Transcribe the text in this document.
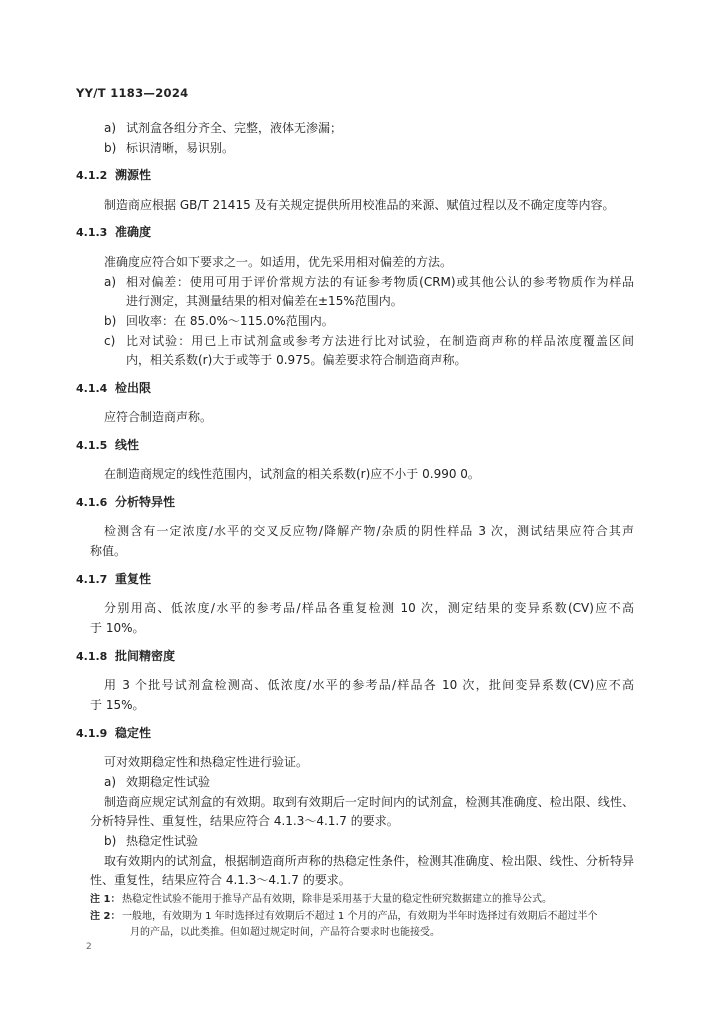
YY/T 1183—2024
a) 试剂盒各组分齐全、完整，液体无渗漏；
b) 标识清晰，易识别。
4.1.2 溯源性
制造商应根据 GB/T 21415 及有关规定提供所用校准品的来源、赋值过程以及不确定度等内容。
4.1.3 准确度
准确度应符合如下要求之一。如适用，优先采用相对偏差的方法。
a) 相对偏差：使用可用于评价常规方法的有证参考物质(CRM)或其他公认的参考物质作为样品
进行测定，其测量结果的相对偏差在±15%范围内。
b) 回收率：在 85.0%～115.0%范围内。
c) 比对试验：用已上市试剂盒或参考方法进行比对试验，在制造商声称的样品浓度覆盖区间
内，相关系数(r)大于或等于 0.975。偏差要求符合制造商声称。
4.1.4 检出限
应符合制造商声称。
4.1.5 线性
在制造商规定的线性范围内，试剂盒的相关系数(r)应不小于 0.990 0。
4.1.6 分析特异性
检测含有一定浓度/水平的交叉反应物/降解产物/杂质的阴性样品 3 次，测试结果应符合其声
称值。
4.1.7 重复性
分别用高、低浓度/水平的参考品/样品各重复检测 10 次，测定结果的变异系数(CV)应不高
于 10%。
4.1.8 批间精密度
用 3 个批号试剂盒检测高、低浓度/水平的参考品/样品各 10 次，批间变异系数(CV)应不高
于 15%。
4.1.9 稳定性
可对效期稳定性和热稳定性进行验证。
a) 效期稳定性试验
制造商应规定试剂盒的有效期。取到有效期后一定时间内的试剂盒，检测其准确度、检出限、线性、
分析特异性、重复性，结果应符合 4.1.3～4.1.7 的要求。
b) 热稳定性试验
取有效期内的试剂盒，根据制造商所声称的热稳定性条件，检测其准确度、检出限、线性、分析特异
性、重复性，结果应符合 4.1.3～4.1.7 的要求。
注 1： 热稳定性试验不能用于推导产品有效期，除非是采用基于大量的稳定性研究数据建立的推导公式。
注 2： 一般地，有效期为 1 年时选择过有效期后不超过 1 个月的产品，有效期为半年时选择过有效期后不超过半个
月的产品，以此类推。但如超过规定时间，产品符合要求时也能接受。
2
